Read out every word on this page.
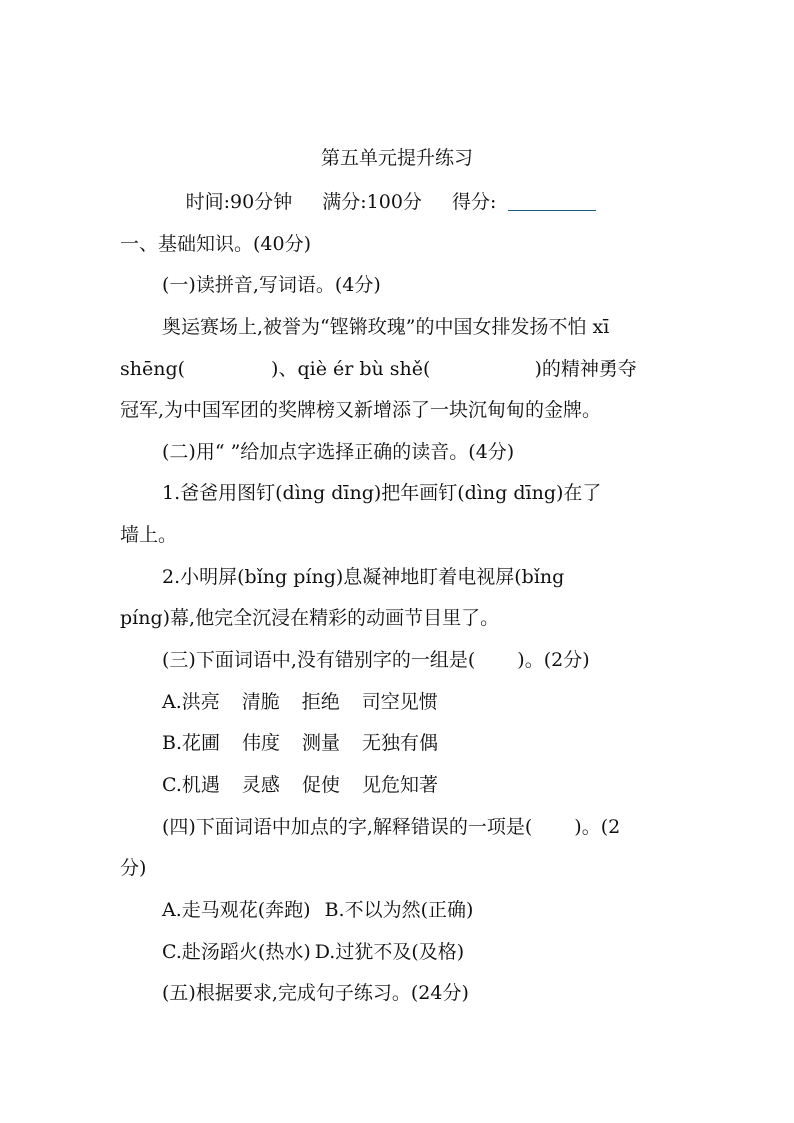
第五单元提升练习
时间:90分钟 满分:100分 得分:
一、基础知识。(40分)
(一)读拼音,写词语。(4分)
奥运赛场上,被誉为“铿锵玫瑰”的中国女排发扬不怕 xī
shēng(	)、qiè ér bù shě(	)的精神勇夺
冠军,为中国军团的奖牌榜又新增添了一块沉甸甸的金牌。
(二)用“ ”给加点字选择正确的读音。(4分)
1.爸爸用图钉(dìng dīng)把年画钉(dìng dīng)在了
墙上。
2.小明屏(bǐng píng)息凝神地盯着电视屏(bǐng
píng)幕,他完全沉浸在精彩的动画节目里了。
(三)下面词语中,没有错别字的一组是( )。(2分)
A.洪亮 清脆 拒绝 司空见惯
B.花圃 伟度 测量 无独有偶
C.机遇 灵感 促使 见危知著
(四)下面词语中加点的字,解释错误的一项是( )。(2
分)
A.走马观花(奔跑) B.不以为然(正确)
C.赴汤蹈火(热水) D.过犹不及(及格)
(五)根据要求,完成句子练习。(24分)
